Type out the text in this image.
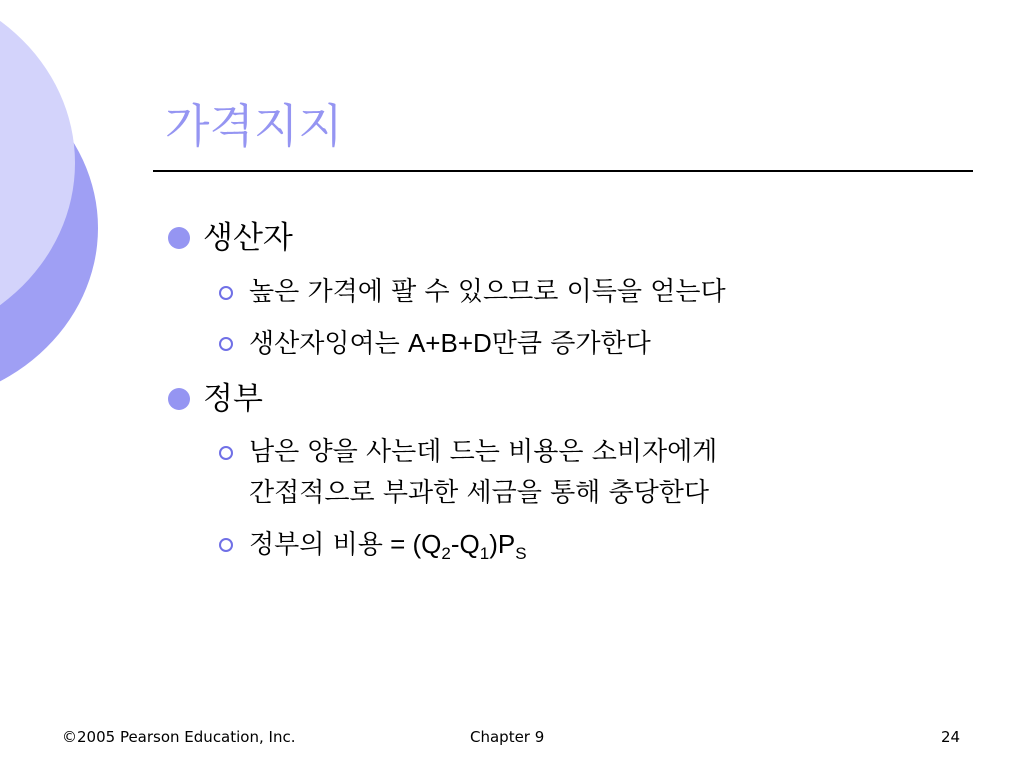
가격지지
생산자
높은 가격에 팔 수 있으므로 이득을 얻는다
생산자잉여는 A+B+D만큼 증가한다
정부
남은 양을 사는데 드는 비용은 소비자에게
간접적으로 부과한 세금을 통해 충당한다
정부의 비용 = $(Q_2-Q_1)P_S$
©2005 Pearson Education, Inc.	Chapter 9	24
